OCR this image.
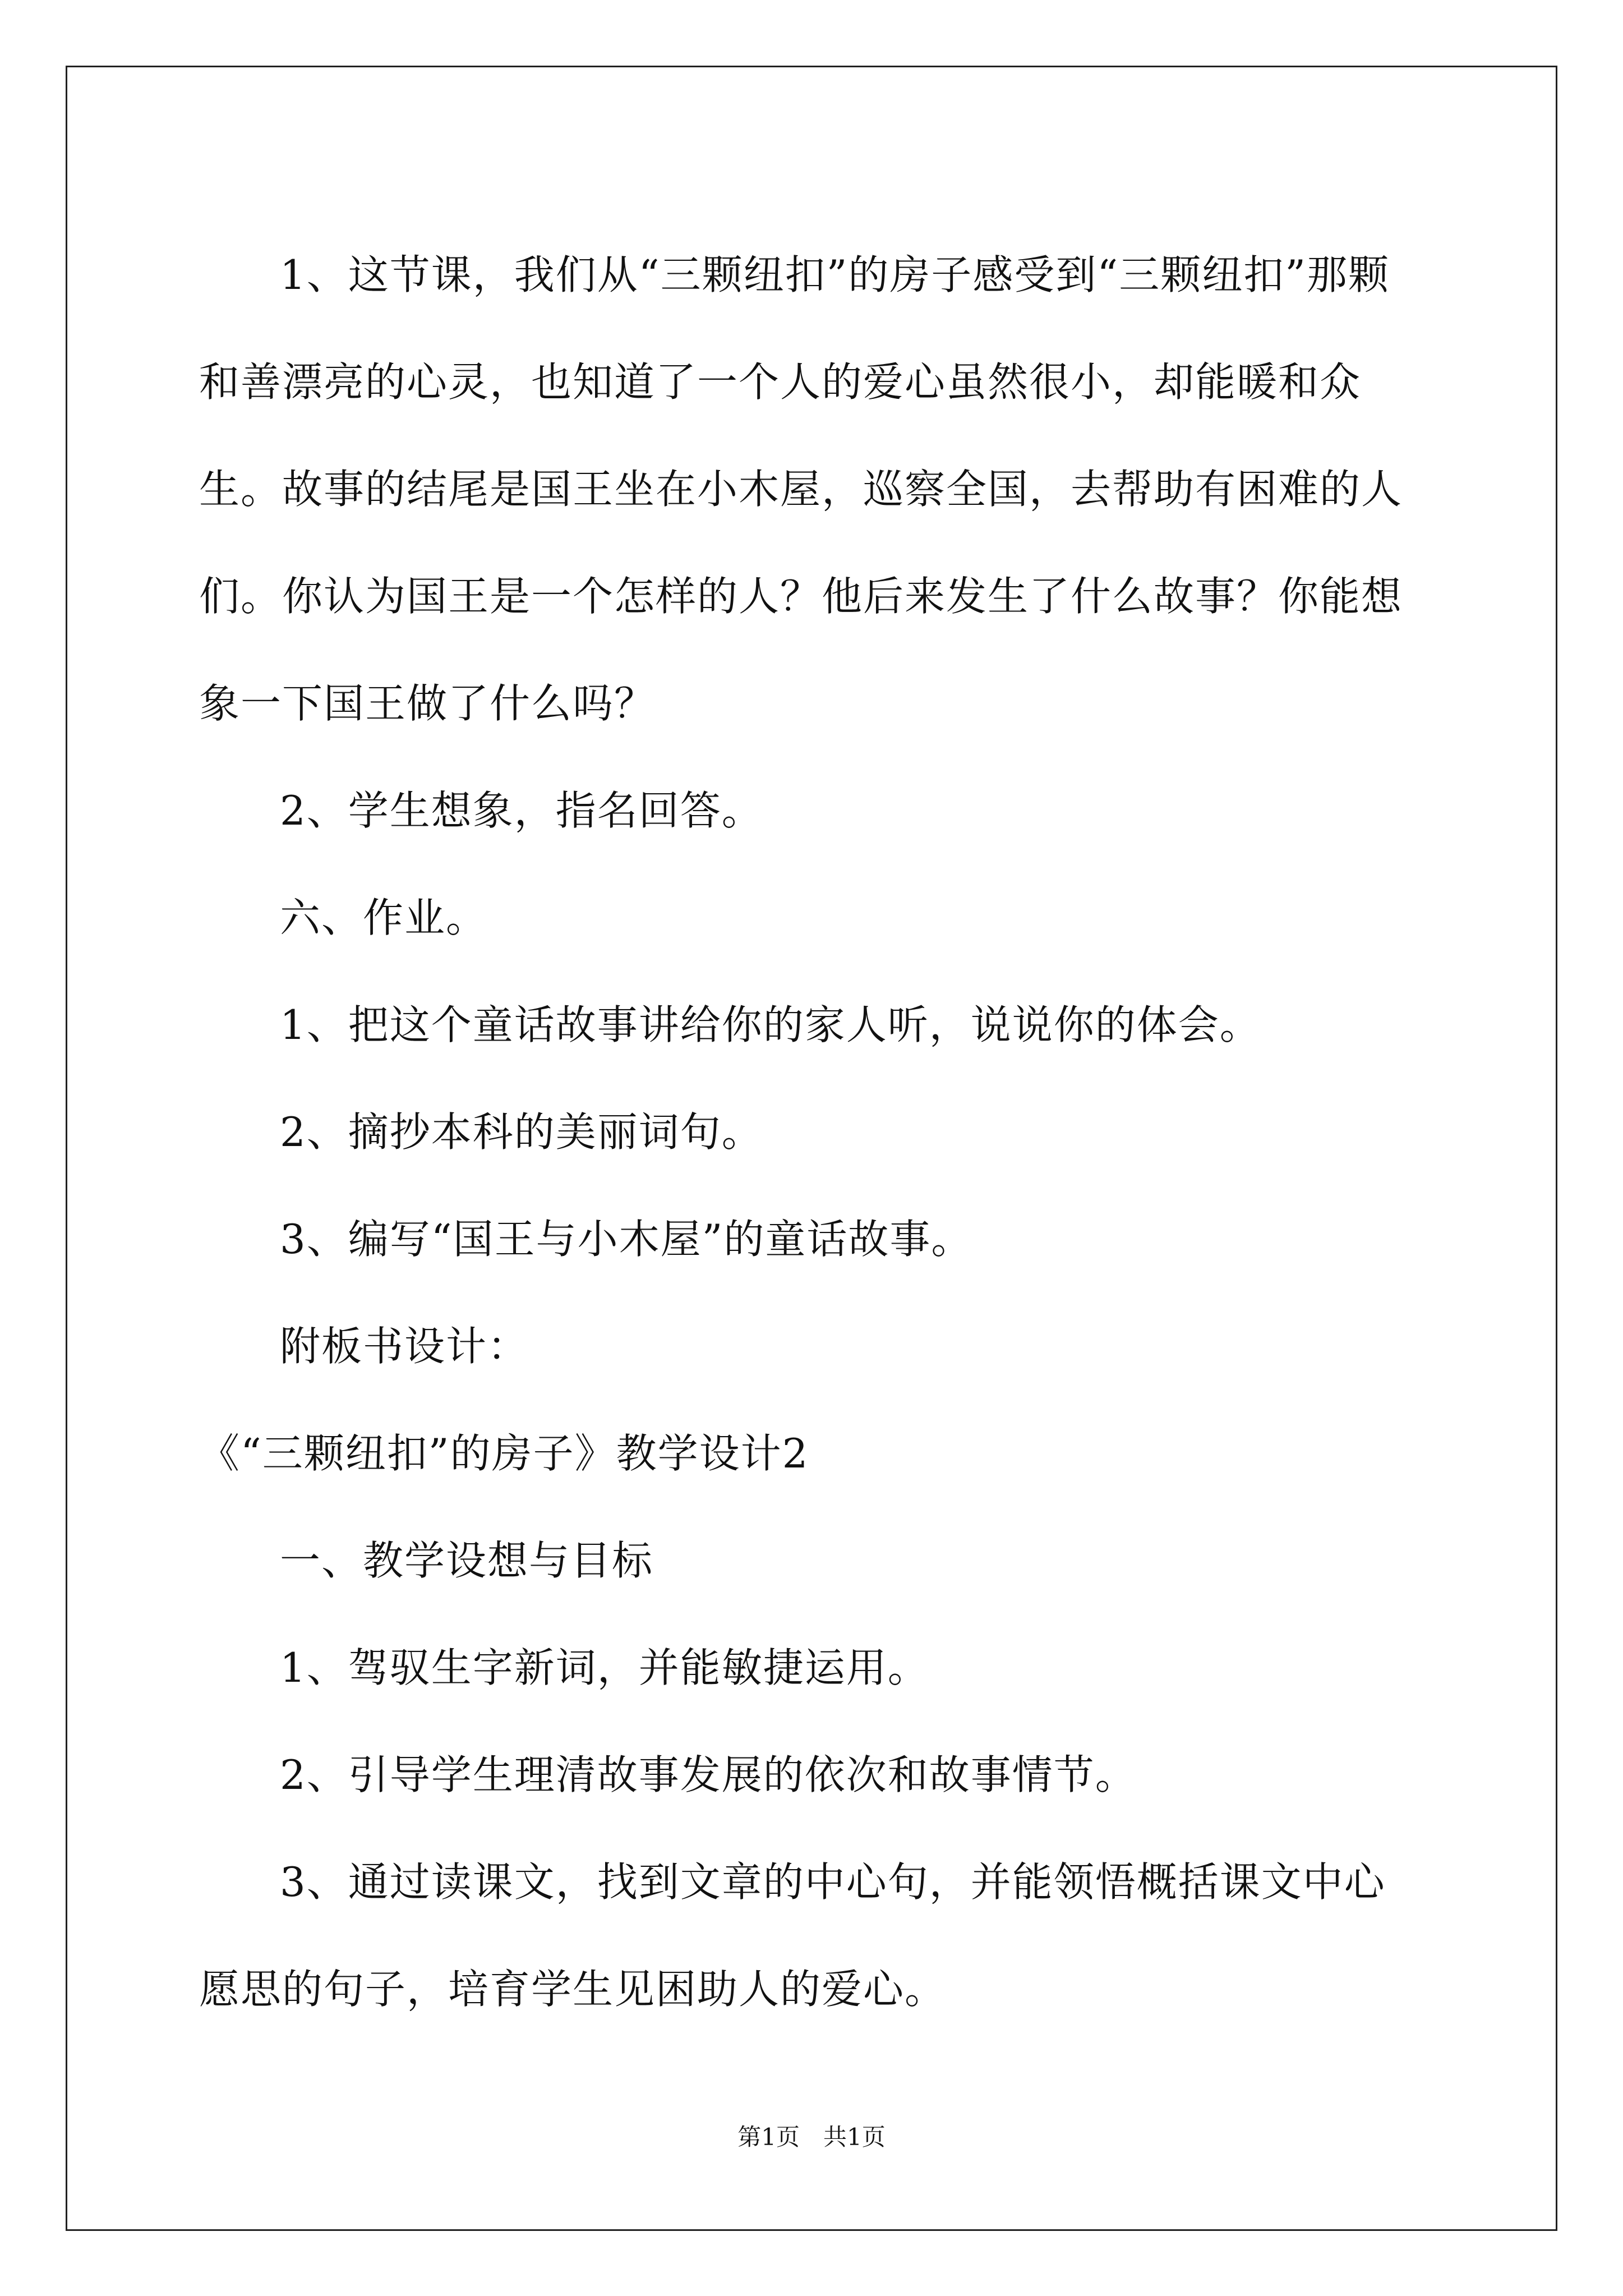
1、这节课，我们从“三颗纽扣”的房子感受到“三颗纽扣”那颗和善漂亮的心灵，也知道了一个人的爱心虽然很小，却能暖和众生。故事的结尾是国王坐在小木屋，巡察全国，去帮助有困难的人们。你认为国王是一个怎样的人？他后来发生了什么故事？你能想象一下国王做了什么吗？

2、学生想象，指名回答。

六、作业。

1、把这个童话故事讲给你的家人听，说说你的体会。

2、摘抄本科的美丽词句。

3、编写“国王与小木屋”的童话故事。

附板书设计：

《“三颗纽扣”的房子》教学设计2

一、教学设想与目标

1、驾驭生字新词，并能敏捷运用。

2、引导学生理清故事发展的依次和故事情节。

3、通过读课文，找到文章的中心句，并能领悟概括课文中心愿思的句子，培育学生见困助人的爱心。

第1页　共1页
